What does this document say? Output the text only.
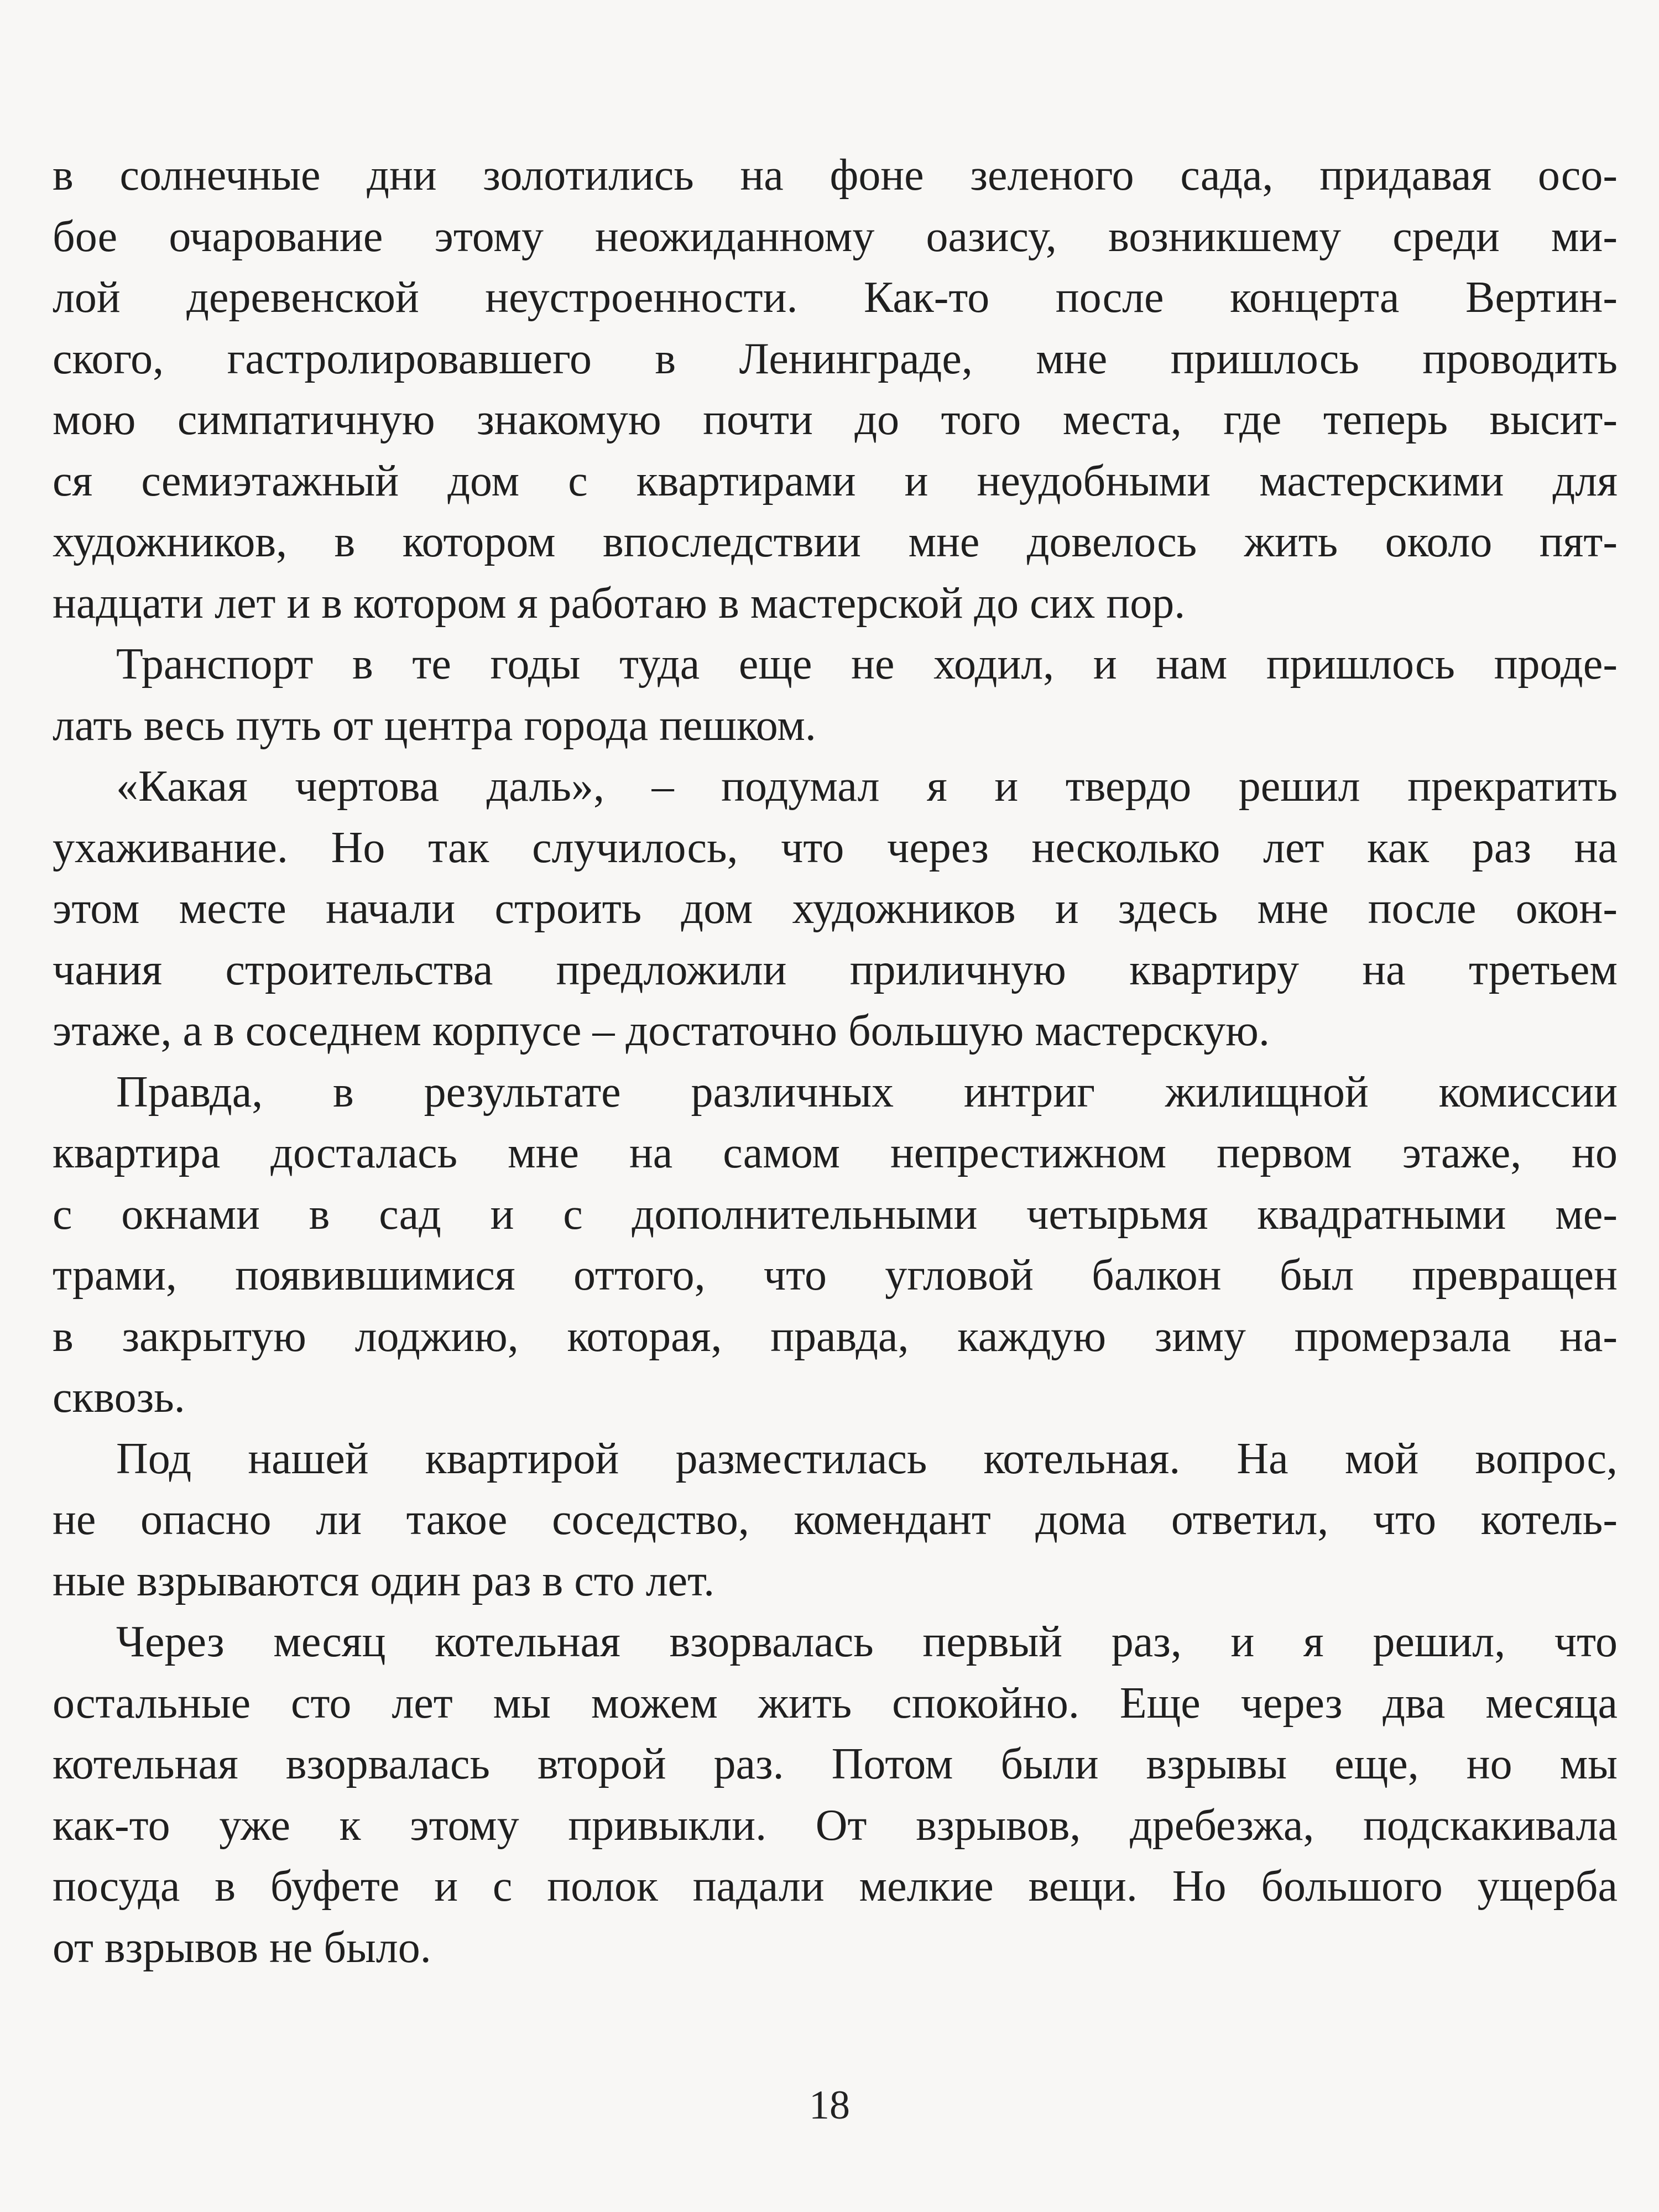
в солнечные дни золотились на фоне зеленого сада, придавая осо-
бое очарование этому неожиданному оазису, возникшему среди ми-
лой деревенской неустроенности. Как-то после концерта Вертин-
ского, гастролировавшего в Ленинграде, мне пришлось проводить
мою симпатичную знакомую почти до того места, где теперь высит-
ся семиэтажный дом с квартирами и неудобными мастерскими для
художников, в котором впоследствии мне довелось жить около пят-
надцати лет и в котором я работаю в мастерской до сих пор.
Транспорт в те годы туда еще не ходил, и нам пришлось проде-
лать весь путь от центра города пешком.
«Какая чертова даль», – подумал я и твердо решил прекратить
ухаживание. Но так случилось, что через несколько лет как раз на
этом месте начали строить дом художников и здесь мне после окон-
чания строительства предложили приличную квартиру на третьем
этаже, а в соседнем корпусе – достаточно большую мастерскую.
Правда, в результате различных интриг жилищной комиссии
квартира досталась мне на самом непрестижном первом этаже, но
с окнами в сад и с дополнительными четырьмя квадратными ме-
трами, появившимися оттого, что угловой балкон был превращен
в закрытую лоджию, которая, правда, каждую зиму промерзала на-
сквозь.
Под нашей квартирой разместилась котельная. На мой вопрос,
не опасно ли такое соседство, комендант дома ответил, что котель-
ные взрываются один раз в сто лет.
Через месяц котельная взорвалась первый раз, и я решил, что
остальные сто лет мы можем жить спокойно. Еще через два месяца
котельная взорвалась второй раз. Потом были взрывы еще, но мы
как-то уже к этому привыкли. От взрывов, дребезжа, подскакивала
посуда в буфете и с полок падали мелкие вещи. Но большого ущерба
от взрывов не было.
18
